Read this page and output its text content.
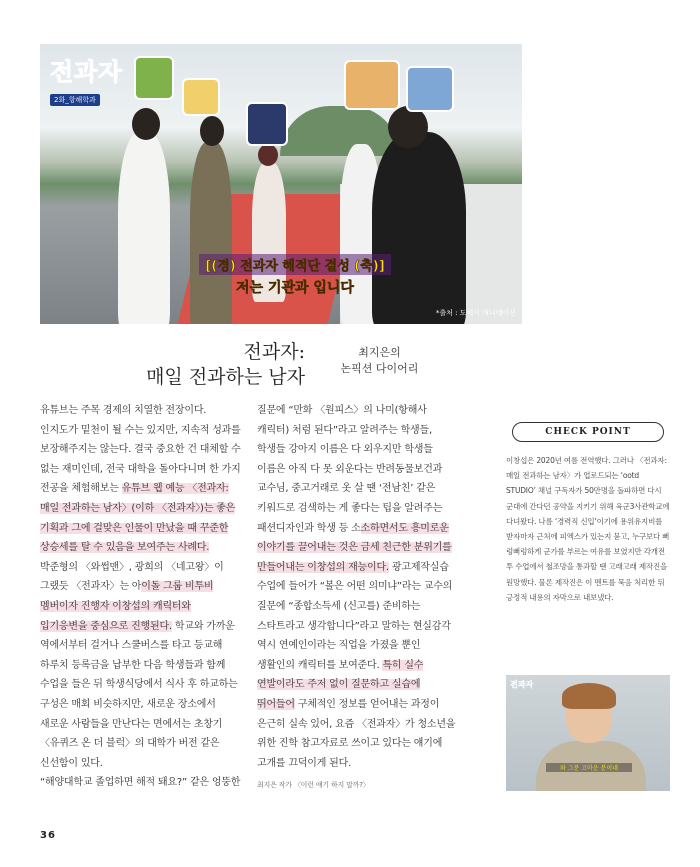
전과자
2화_항해학과
[(경) 전과자 해적단 결성 (축)]
저는 기관과 입니다
*출처 : 도에이 애니메이션
전과자:
매일 전과하는 남자
최지은의
논픽션 다이어리

유튜브는 주목 경제의 치열한 전장이다. 인지도가 밑천이 될 수는 있지만, 지속적 성과를 보장해주지는 않는다. 결국 중요한 건 대체할 수 없는 재미인데, 전국 대학을 돌아다니며 한 가지 전공을 체험해보는 유튜브 웹 예능 〈전과자: 매일 전과하는 남자〉(이하 〈전과자〉)는 좋은 기획과 그에 걸맞은 인물이 만났을 때 꾸준한 상승세를 탈 수 있음을 보여주는 사례다. 박준형의 〈와썹맨〉, 광희의 〈네고왕〉이 그랬듯 〈전과자〉는 아이돌 그룹 비투비 멤버이자 진행자 이창섭의 캐릭터와 입기응변을 중심으로 진행된다. 학교와 가까운 역에서부터 걸거나 스쿨버스를 타고 등교해 하루치 등록금을 납부한 다음 학생들과 함께 수업을 들은 뒤 학생식당에서 식사 후 하교하는 구성은 매회 비슷하지만, 새로운 장소에서 새로운 사람들을 만난다는 면에서는 초창기 〈유퀴즈 온 더 블럭〉의 대학가 버전 같은 신선함이 있다.
“해양대학교 졸업하면 해적 돼요?” 같은 엉뚱한

질문에 “만화 〈원피스〉의 나미(항해사 캐릭터) 처럼 된다”라고 알려주는 학생들, 학생들 강아지 이름은 다 외우지만 학생들 이름은 아직 다 못 외운다는 반려동물보건과 교수님, 중고거래로 옷 살 땐 ‘전남친’ 같은 키워드로 검색하는 게 좋다는 팁을 알려주는 패션디자인과 학생 등 소소하면서도 흥미로운 이야기를 끌어내는 것은 금세 친근한 분위기를 만들어내는 이창섭의 재능이다. 광고제작실습 수업에 들어가 “볼은 어떤 의미냐”라는 교수의 질문에 “종합소득세 (신고를) 준비하는 스타트라고 생각합니다”라고 말하는 현실감각 역시 연예인이라는 직업을 가졌을 뿐인 생활인의 캐릭터를 보여준다. 특히 실수 연발이라도 주저 없이 질문하고 실습에 뛰어들어 구체적인 정보를 얻어내는 과정이 은근히 실속 있어, 요즘 〈전과자〉가 청소년을 위한 진학 참고자료로 쓰이고 있다는 얘기에 고개를 끄덕이게 된다.

최지은 작가 〈이런 얘기 하지 말까?〉
CHECK POINT
이창섭은 2020년 여름 전역했다. 그러나 〈전과자: 매일 전과하는 남자〉가 업로드되는 ‘ootd STUDIO’ 채널 구독자가 50만명을 돌파하면 다시 군대에 간다던 공약을 지키기 위해 육군3사관학교에 다녀왔다. 나름 ‘경력직 신입’이기에 용위유지비를 받자마자 근처에 피엑스가 있는지 묻고, 누구보다 뻐렁뻐렁하게 군가를 부르는 여유를 보였지만 각개전투 수업에서 철조망을 통과할 땐 고래고래 제작진을 원망했다. 물론 제작진은 이 멘트를 묵음 처리한 뒤 긍정적 내용의 자막으로 내보냈다.
전과자
와 그분 고마운 분이네
36
